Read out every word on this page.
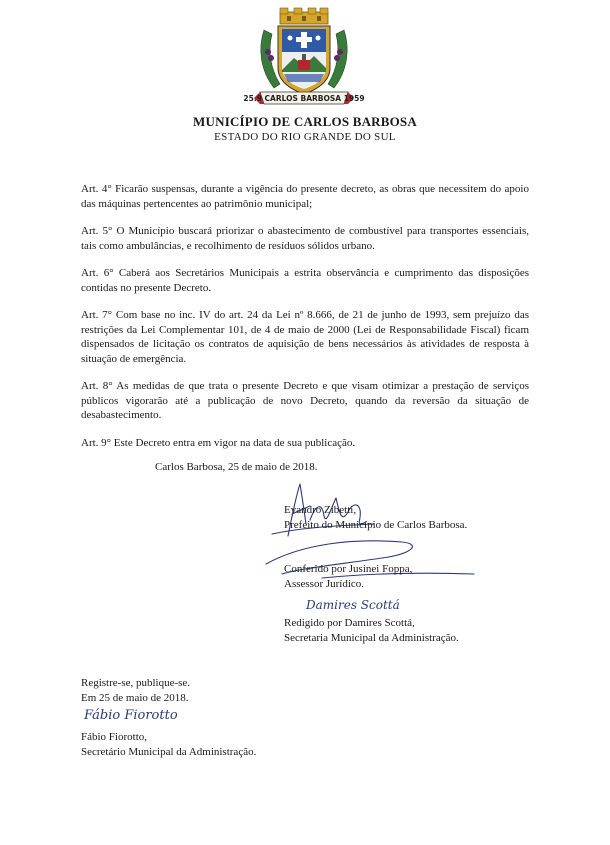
25.9 CARLOS BARBOSA 1959
MUNICÍPIO DE CARLOS BARBOSA
ESTADO DO RIO GRANDE DO SUL

Art. 4° Ficarão suspensas, durante a vigência do presente decreto, as obras que necessitem do apoio das máquinas pertencentes ao patrimônio municipal;

Art. 5° O Município buscará priorizar o abastecimento de combustível para transportes essenciais, tais como ambulâncias, e recolhimento de resíduos sólidos urbano.

Art. 6° Caberá aos Secretários Municipais a estrita observância e cumprimento das disposições contidas no presente Decreto.

Art. 7° Com base no inc. IV do art. 24 da Lei nº 8.666, de 21 de junho de 1993, sem prejuízo das restrições da Lei Complementar 101, de 4 de maio de 2000 (Lei de Responsabilidade Fiscal) ficam dispensados de licitação os contratos de aquisição de bens necessários às atividades de resposta à situação de emergência.

Art. 8° As medidas de que trata o presente Decreto e que visam otimizar a prestação de serviços públicos vigorarão até a publicação de novo Decreto, quando da reversão da situação de desabastecimento.

Art. 9° Este Decreto entra em vigor na data de sua publicação.

Carlos Barbosa, 25 de maio de 2018.
Evandro Zibetti,
Prefeito do Município de Carlos Barbosa.
Conferido por Jusinei Foppa,
Assessor Jurídico.
Damires Scottá
Redigido por Damires Scottá,
Secretaria Municipal da Administração.
Registre-se, publique-se.
Em 25 de maio de 2018.
Fábio Fiorotto
Fábio Fiorotto,
Secretário Municipal da Administração.
